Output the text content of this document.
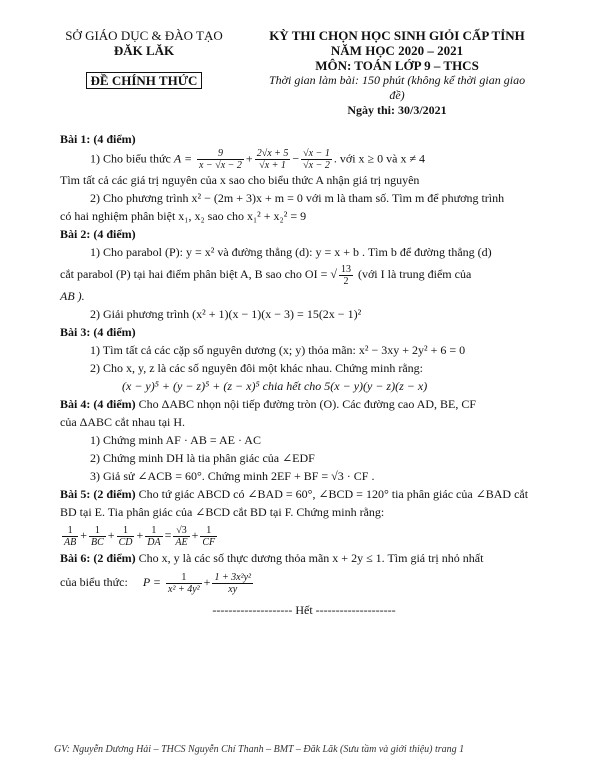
SỞ GIÁO DỤC & ĐÀO TẠO
ĐĂK LĂK
ĐỀ CHÍNH THỨC
KỲ THI CHỌN HỌC SINH GIỎI CẤP TỈNH
NĂM HỌC 2020 – 2021
MÔN: TOÁN LỚP 9 – THCS
Thời gian làm bài: 150 phút (không kể thời gian giao đề)
Ngày thi: 30/3/2021
Bài 1: (4 điểm)
1) Cho biểu thức $A = \frac{9}{x - √x - 2} + \frac{2√x + 5}{√x + 1} - \frac{√x - 1}{√x - 2}$ . với x ≥ 0 và x ≠ 4
Tìm tất cả các giá trị nguyên của x sao cho biểu thức A nhận giá trị nguyên
2) Cho phương trình x² − (2m + 3)x + m = 0 với m là tham số. Tìm m để phương trình
có hai nghiệm phân biệt x₁, x₂ sao cho x₁² + x₂² = 9
Bài 2: (4 điểm)
1) Cho parabol (P): y = x² và đường thẳng (d): y = x + b . Tìm b để đường thẳng (d)
cắt parabol (P) tại hai điểm phân biệt A, B sao cho OI = √ $\frac{13}{2}$ (với I là trung điểm của
AB ).
2) Giải phương trình (x² + 1)(x − 1)(x − 3) = 15(2x − 1)²
Bài 3: (4 điểm)
1) Tìm tất cả các cặp số nguyên dương (x; y) thỏa mãn: x² − 3xy + 2y² + 6 = 0
2) Cho x, y, z là các số nguyên đôi một khác nhau. Chứng minh rằng:
(x − y)⁵ + (y − z)⁵ + (z − x)⁵ chia hết cho 5(x − y)(y − z)(z − x)
Bài 4: (4 điểm) Cho ΔABC nhọn nội tiếp đường tròn (O). Các đường cao AD, BE, CF
của ΔABC cắt nhau tại H.
1) Chứng minh AF · AB = AE · AC
2) Chứng minh DH là tia phân giác của ∠EDF
3) Giả sử ∠ACB = 60°. Chứng minh 2EF + BF = √3 · CF .
Bài 5: (2 điểm) Cho tứ giác ABCD có ∠BAD = 60°, ∠BCD = 120° tia phân giác của ∠BAD cắt
BD tại E. Tia phân giác của ∠BCD cắt BD tại F. Chứng minh rằng:
$\frac{1}{AB} + \frac{1}{BC} + \frac{1}{CD} + \frac{1}{DA} = \frac{√3}{AE} + \frac{1}{CF}$
Bài 6: (2 điểm) Cho x, y là các số thực dương thỏa mãn x + 2y ≤ 1. Tìm giá trị nhỏ nhất
của biểu thức: $P = \frac{1}{\text{x² + 4y²}} + \frac{\text{1 + 3x²y²}}{xy}$
-------------------- Hết --------------------
GV: Nguyễn Dương Hải – THCS Nguyễn Chí Thanh – BMT – Đăk Lăk (Sưu tầm và giới thiệu) trang 1
